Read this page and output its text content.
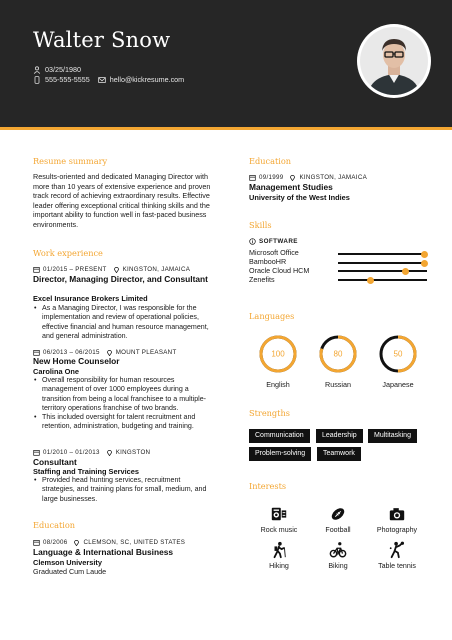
Walter Snow
03/25/1980
555-555-5555	hello@kickresume.com
Resume summary
Results-oriented and dedicated Managing Director with more than 10 years of extensive experience and proven track record of achieving extraordinary results. Effective leader offering exceptional critical thinking skills and the important ability to function well in fast-paced business environments.
Work experience
01/2015 – PRESENT	KINGSTON, JAMAICA
Director, Managing Director, and Consultant
Excel Insurance Brokers Limited
• As a Managing Director, I was responsible for the implementation and review of operational policies, effective financial and human resource management, and general administration.
06/2013 – 06/2015	MOUNT PLEASANT
New Home Counselor
Carolina One
• Overall responsibility for human resources management of over 1000 employees during a transition from being a local franchisee to a multiple-territory operations franchise of two brands.
• This included oversight for talent recruitment and retention, administration, budgeting and training.
01/2010 – 01/2013	KINGSTON
Consultant
Staffing and Training Services
• Provided head hunting services, recruitment strategies, and training plans for small, medium, and large businesses.
Education
08/2006	CLEMSON, SC, UNITED STATES
Language & International Business
Clemson University
Graduated Cum Laude
Education
09/1999	KINGSTON, JAMAICA
Management Studies
University of the West Indies
Skills
SOFTWARE
Microsoft Office
BambooHR
Oracle Cloud HCM
Zenefits
Languages
100	80	50
English	Russian	Japanese
Strengths
Communication	Leadership	Multitasking
Problem-solving	Teamwork
Interests
Rock music	Football	Photography
Hiking	Biking	Table tennis
